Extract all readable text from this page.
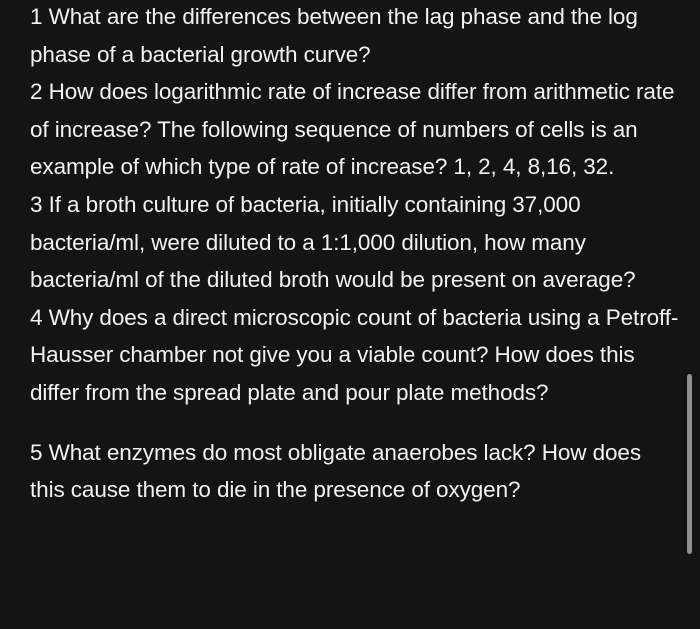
1 What are the differences between the lag phase and the log phase of a bacterial growth curve?

2 How does logarithmic rate of increase differ from arithmetic rate of increase? The following sequence of numbers of cells is an example of which type of rate of increase? 1, 2, 4, 8,16, 32.

3 If a broth culture of bacteria, initially containing 37,000 bacteria/ml, were diluted to a 1:1,000 dilution, how many bacteria/ml of the diluted broth would be present on average?

4 Why does a direct microscopic count of bacteria using a Petroff-Hausser chamber not give you a viable count? How does this differ from the spread plate and pour plate methods?

5 What enzymes do most obligate anaerobes lack? How does this cause them to die in the presence of oxygen?
